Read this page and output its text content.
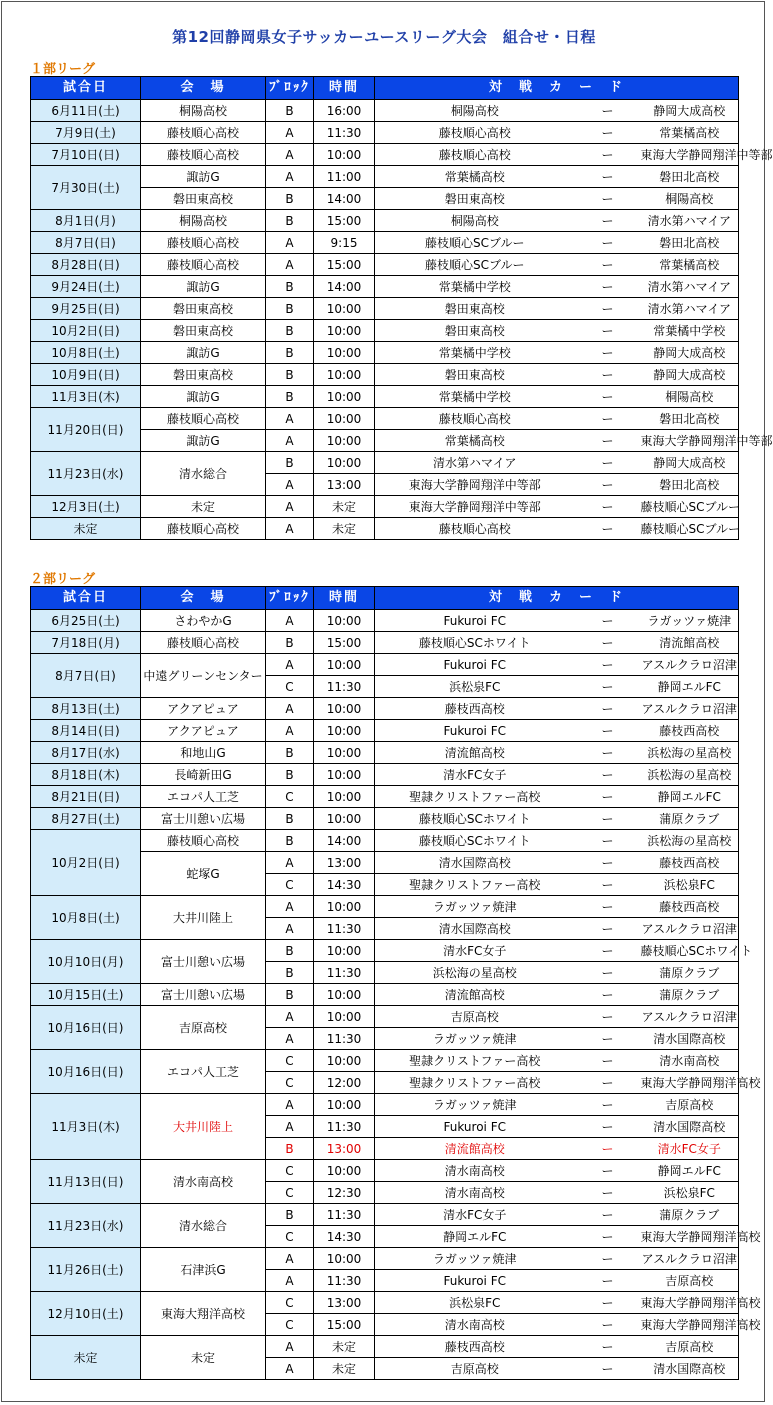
第12回静岡県女子サッカーユースリーグ大会　組合せ・日程
１部リーグ
試合日	会　場	ﾌﾞﾛｯｸ	時間	対　戦　カ　ー　ド		
6月11日(土)	桐陽高校	B	16:00	桐陽高校	ー	静岡大成高校
7月9日(土)	藤枝順心高校	A	11:30	藤枝順心高校	ー	常葉橘高校
7月10日(日)	藤枝順心高校	A	10:00	藤枝順心高校	ー	東海大学静岡翔洋中等部
7月30日(土)	諏訪G	A	11:00	常葉橘高校	ー	磐田北高校
	磐田東高校	B	14:00	磐田東高校	ー	桐陽高校
8月1日(月)	桐陽高校	B	15:00	桐陽高校	ー	清水第ハマイア
8月7日(日)	藤枝順心高校	A	9:15	藤枝順心SCブルー	ー	磐田北高校
8月28日(日)	藤枝順心高校	A	15:00	藤枝順心SCブルー	ー	常葉橘高校
9月24日(土)	諏訪G	B	14:00	常葉橘中学校	ー	清水第ハマイア
9月25日(日)	磐田東高校	B	10:00	磐田東高校	ー	清水第ハマイア
10月2日(日)	磐田東高校	B	10:00	磐田東高校	ー	常葉橘中学校
10月8日(土)	諏訪G	B	10:00	常葉橘中学校	ー	静岡大成高校
10月9日(日)	磐田東高校	B	10:00	磐田東高校	ー	静岡大成高校
11月3日(木)	諏訪G	B	10:00	常葉橘中学校	ー	桐陽高校
11月20日(日)	藤枝順心高校	A	10:00	藤枝順心高校	ー	磐田北高校
	諏訪G	A	10:00	常葉橘高校	ー	東海大学静岡翔洋中等部
11月23日(水)	清水総合	B	10:00	清水第ハマイア	ー	静岡大成高校
		A	13:00	東海大学静岡翔洋中等部	ー	磐田北高校
12月3日(土)	未定	A	未定	東海大学静岡翔洋中等部	ー	藤枝順心SCブルー
未定	藤枝順心高校	A	未定	藤枝順心高校	ー	藤枝順心SCブルー
２部リーグ
試合日	会　場	ﾌﾞﾛｯｸ	時間	対　戦　カ　ー　ド		
6月25日(土)	さわやかG	A	10:00	Fukuroi FC	ー	ラガッツァ焼津
7月18日(月)	藤枝順心高校	B	15:00	藤枝順心SCホワイト	ー	清流館高校
8月7日(日)	中遠グリーンセンター	A	10:00	Fukuroi FC	ー	アスルクラロ沼津
		C	11:30	浜松泉FC	ー	静岡エルFC
8月13日(土)	アクアピュア	A	10:00	藤枝西高校	ー	アスルクラロ沼津
8月14日(日)	アクアピュア	A	10:00	Fukuroi FC	ー	藤枝西高校
8月17日(水)	和地山G	B	10:00	清流館高校	ー	浜松海の星高校
8月18日(木)	長崎新田G	B	10:00	清水FC女子	ー	浜松海の星高校
8月21日(日)	エコパ人工芝	C	10:00	聖隷クリストファー高校	ー	静岡エルFC
8月27日(土)	富士川憩い広場	B	10:00	藤枝順心SCホワイト	ー	蒲原クラブ
10月2日(日)	藤枝順心高校	B	14:00	藤枝順心SCホワイト	ー	浜松海の星高校
	蛇塚G	A	13:00	清水国際高校	ー	藤枝西高校
		C	14:30	聖隷クリストファー高校	ー	浜松泉FC
10月8日(土)	大井川陸上	A	10:00	ラガッツァ焼津	ー	藤枝西高校
		A	11:30	清水国際高校	ー	アスルクラロ沼津
10月10日(月)	富士川憩い広場	B	10:00	清水FC女子	ー	藤枝順心SCホワイト
		B	11:30	浜松海の星高校	ー	蒲原クラブ
10月15日(土)	富士川憩い広場	B	10:00	清流館高校	ー	蒲原クラブ
10月16日(日)	吉原高校	A	10:00	吉原高校	ー	アスルクラロ沼津
		A	11:30	ラガッツァ焼津	ー	清水国際高校
10月16日(日)	エコパ人工芝	C	10:00	聖隷クリストファー高校	ー	清水南高校
		C	12:00	聖隷クリストファー高校	ー	東海大学静岡翔洋高校
11月3日(木)	大井川陸上	A	10:00	ラガッツァ焼津	ー	吉原高校
		A	11:30	Fukuroi FC	ー	清水国際高校
		B	13:00	清流館高校	ー	清水FC女子
11月13日(日)	清水南高校	C	10:00	清水南高校	ー	静岡エルFC
		C	12:30	清水南高校	ー	浜松泉FC
11月23日(水)	清水総合	B	11:30	清水FC女子	ー	蒲原クラブ
		C	14:30	静岡エルFC	ー	東海大学静岡翔洋高校
11月26日(土)	石津浜G	A	10:00	ラガッツァ焼津	ー	アスルクラロ沼津
		A	11:30	Fukuroi FC	ー	吉原高校
12月10日(土)	東海大翔洋高校	C	13:00	浜松泉FC	ー	東海大学静岡翔洋高校
		C	15:00	清水南高校	ー	東海大学静岡翔洋高校
未定	未定	A	未定	藤枝西高校	ー	吉原高校
		A	未定	吉原高校	ー	清水国際高校
